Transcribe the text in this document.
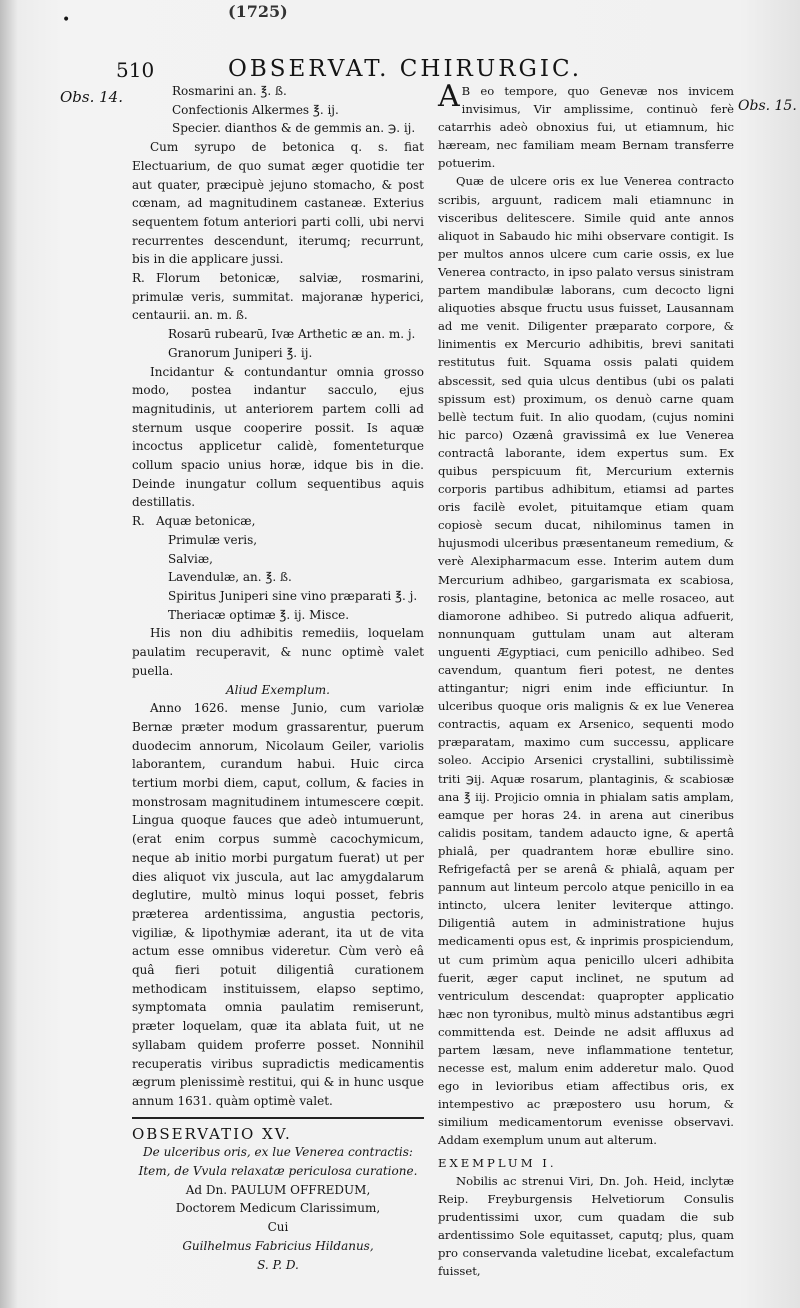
•	(1725)
510	OBSERVAT. CHIRURGIC.
Obs. 14.	Obs. 15.

Rosmarini an. ℥. ß.

Confectionis Alkermes ℥. ij.

Specier. dianthos & de gemmis an. ℈. ij.

Cum syrupo de betonica q. s. fiat Electuarium, de quo sumat æger quotidie ter aut quater, præcipuè jejuno stomacho, & post cœnam, ad magnitudinem castaneæ. Exterius sequentem fotum anteriori parti colli, ubi nervi recurrentes descendunt, iterumq; recurrunt, bis in die applicare jussi.

R. Florum betonicæ, salviæ, rosmarini, primulæ veris, summitat. majoranæ hyperici, centaurii. an. m. ß.

Rosarū rubearū, Ivæ Arthetic æ an. m. j.

Granorum Juniperi ℥. ij.

Incidantur & contundantur omnia grosso modo, postea indantur sacculo, ejus magnitudinis, ut anteriorem partem colli ad sternum usque cooperire possit. Is aquæ incoctus applicetur calidè, fomenteturque collum spacio unius horæ, idque bis in die. Deinde inungatur collum sequentibus aquis destillatis.

R. Aquæ betonicæ,

Primulæ veris,

Salviæ,

Lavendulæ, an. ℥. ß.

Spiritus Juniperi sine vino præparati ℥. j.

Theriacæ optimæ ℥. ij. Misce.

His non diu adhibitis remediis, loquelam paulatim recuperavit, & nunc optimè valet puella.

Aliud Exemplum.

Anno 1626. mense Junio, cum variolæ Bernæ præter modum grassarentur, puerum duodecim annorum, Nicolaum Geiler, variolis laborantem, curandum habui. Huic circa tertium morbi diem, caput, collum, & facies in monstrosam magnitudinem intumescere cœpit. Lingua quoque fauces que adeò intumuerunt, (erat enim corpus summè cacochymicum, neque ab initio morbi purgatum fuerat) ut per dies aliquot vix jusculа, aut lac amygdalarum deglutire, multò minus loqui posset, febris præterea ardentissima, angustia pectoris, vigiliæ, & lipothymiæ aderant, ita ut de vita actum esse omnibus videretur. Cùm verò eâ quâ fieri potuit diligentiâ curationem methodicam instituissem, elapso septimo, symptomata omnia paulatim remiserunt, præter loquelam, quæ ita ablata fuit, ut ne syllabam quidem proferre posset. Nonnihil recuperatis viribus supradictis medicamentis ægrum plenissimè restitui, qui & in hunc usque annum 1631. quàm optimè valet.

OBSERVATIO XV.

De ulceribus oris, ex lue Venerea contractis: Item, de Vvula relaxatæ periculosa curatione.

Ad Dn. PAULUM OFFREDUM,

Doctorem Medicum Clarissimum,

Cui

Guilhelmus Fabricius Hildanus,

S. P. D.

A B eo tempore, quo Genevæ nos invicem invisimus, Vir amplissime, continuò ferè catarrhis adeò obnoxius fui, ut etiamnum, hic hæream, nec familiam meam Bernam transferre potuerim.

Quæ de ulcere oris ex lue Venerea contracto scribis, arguunt, radicem mali etiamnunc in visceribus delitescere. Simile quid ante annos aliquot in Sabaudo hic mihi observare contigit. Is per multos annos ulcere cum carie ossis, ex lue Venerea contracto, in ipso palato versus sinistram partem mandibulæ laborans, cum decocto ligni aliquoties absque fructu usus fuisset, Lausannam ad me venit. Diligenter præparato corpore, & linimentis ex Mercurio adhibitis, brevi sanitati restitutus fuit. Squama ossis palati quidem abscessit, sed quia ulcus dentibus (ubi os palati spissum est) proximum, os denuò carne quam bellè tectum fuit. In alio quodam, (cujus nomini hic parco) Ozænâ gravissimâ ex lue Venerea contractâ laborante, idem expertus sum. Ex quibus perspicuum fit, Mercurium externis corporis partibus adhibitum, etiamsi ad partes oris facilè evolet, pituitamque etiam quam copiosè secum ducat, nihilominus tamen in hujusmodi ulceribus præsentaneum remedium, & verè Alexipharmacum esse. Interim autem dum Mercurium adhibeo, gargarismata ex scabiosa, rosis, plantagine, betonica ac melle rosaceo, aut diamorone adhibeo. Si putredo aliqua adfuerit, nonnunquam guttulam unam aut alteram unguenti Ægyptiaci, cum penicillo adhibeo. Sed cavendum, quantum fieri potest, ne dentes attingantur; nigri enim inde efficiuntur. In ulceribus quoque oris malignis & ex lue Venerea contractis, aquam ex Arsenico, sequenti modo præparatam, maximo cum successu, applicare soleo. Accipio Arsenici crystallini, subtilissimè triti ℈ij. Aquæ rosarum, plantaginis, & scabiosæ ana ℥ iij. Projicio omnia in phialam satis amplam, eamque per horas 24. in arena aut cineribus calidis positam, tandem adaucto igne, & apertâ phialâ, per quadrantem horæ ebullire sino. Refrigefactâ per se arenâ & phialâ, aquam per pannum aut linteum percolo atque penicillo in ea intincto, ulcera leniter leviterque attingo. Diligentiâ autem in administratione hujus medicamenti opus est, & inprimis prospiciendum, ut cum primùm aqua penicillo ulceri adhibita fuerit, æger caput inclinet, ne sputum ad ventriculum descendat: quapropter applicatio hæc non tyronibus, multò minus adstantibus ægri committenda est. Deinde ne adsit affluxus ad partem læsam, neve inflammatione tentetur, necesse est, malum enim adderetur malo. Quod ego in levioribus etiam affectibus oris, ex intempestivo ac præpostero usu horum, & similium medicamentorum evenisse observavi. Addam exemplum unum aut alterum.

EXEMPLUM I.

Nobilis ac strenui Viri, Dn. Joh. Heid, inclytæ Reip. Freyburgensis Helvetiorum Consulis prudentissimi uxor, cum quadam die sub ardentissimo Sole equitasset, caputq; plus, quam pro conservanda valetudine licebat, excalefactum fuisset,
